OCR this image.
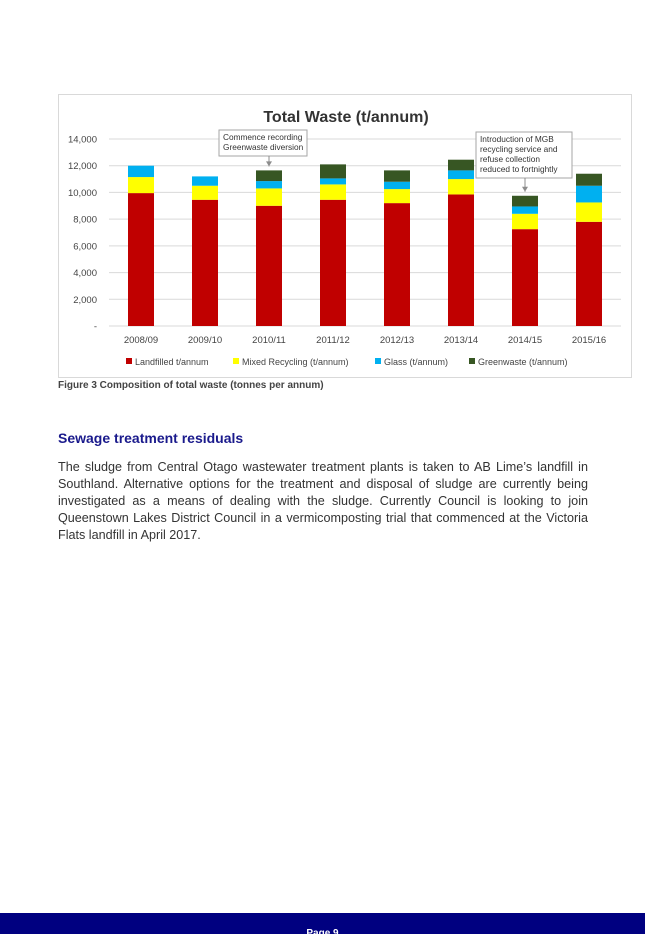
Total Waste (t/annum)
-
2,000
4,000
6,000
8,000
10,000
12,000
14,000
2008/09	2009/10	2010/11	2011/12	2012/13	2013/14	2014/15	2015/16
Commence recording
Greenwaste diversion
Introduction of MGB
recycling service and
refuse collection
reduced to fortnightly
Landfilled t/annum	Mixed Recycling (t/annum)	Glass (t/annum)	Greenwaste (t/annum)
Figure 3 Composition of total waste (tonnes per annum)
Sewage treatment residuals

The sludge from Central Otago wastewater treatment plants is taken to AB Lime’s landfill in Southland. Alternative options for the treatment and disposal of sludge are currently being investigated as a means of dealing with the sludge. Currently Council is looking to join Queenstown Lakes District Council in a vermicomposting trial that commenced at the Victoria Flats landfill in April 2017.

Page 9
